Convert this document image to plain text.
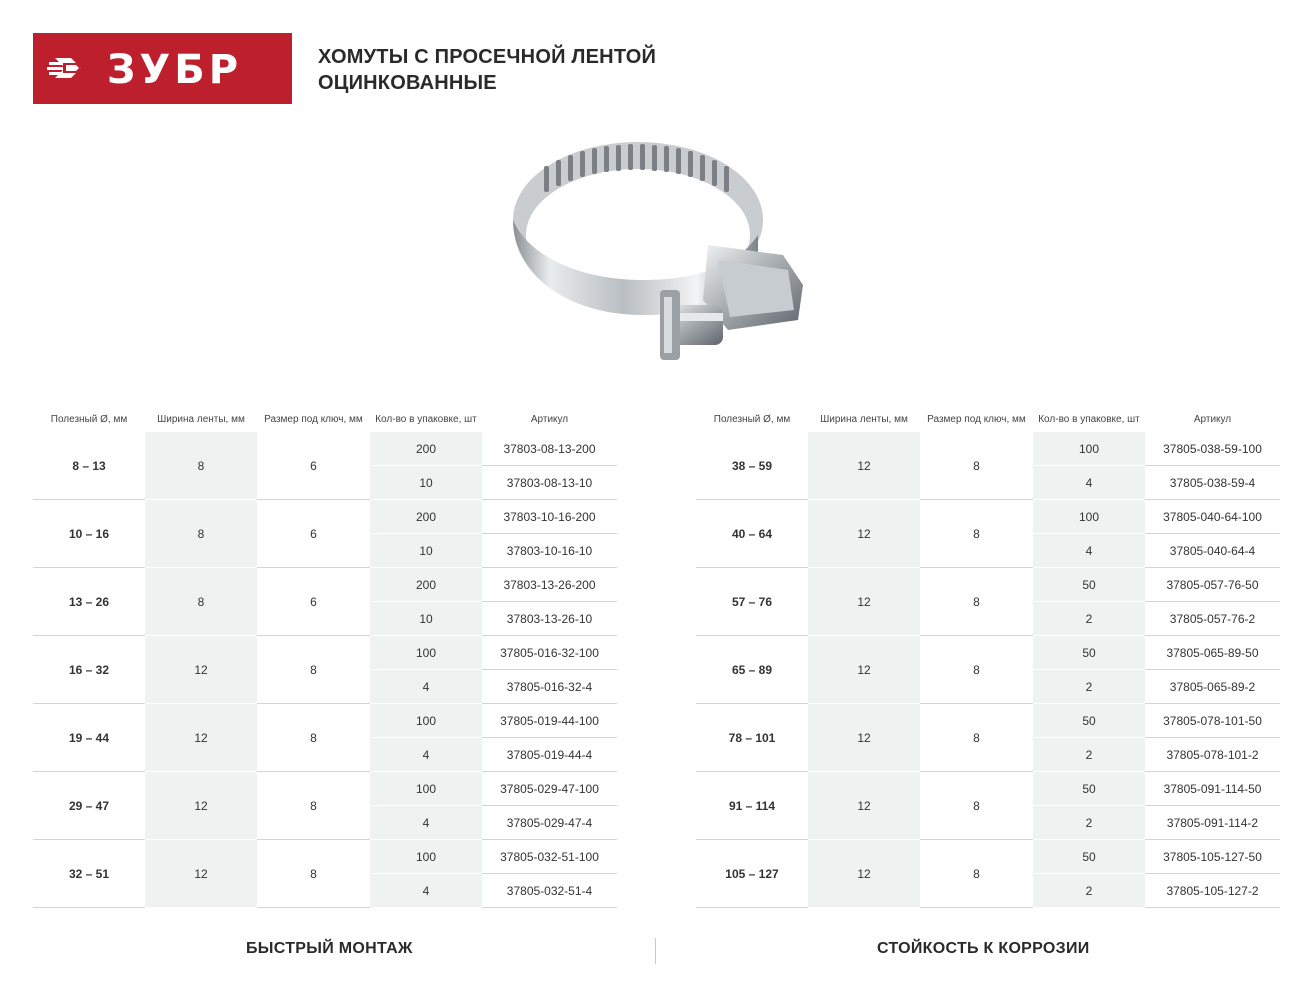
ЗУБР	ХОМУТЫ С ПРОСЕЧНОЙ ЛЕНТОЙ
ОЦИНКОВАННЫЕ
Полезный Ø, мм	Ширина ленты, мм	Размер под ключ, мм	Кол-во в упаковке, шт	Артикул
8 – 13	8	6	200	37803-08-13-200
			10	37803-08-13-10
10 – 16	8	6	200	37803-10-16-200
			10	37803-10-16-10
13 – 26	8	6	200	37803-13-26-200
			10	37803-13-26-10
16 – 32	12	8	100	37805-016-32-100
			4	37805-016-32-4
19 – 44	12	8	100	37805-019-44-100
			4	37805-019-44-4
29 – 47	12	8	100	37805-029-47-100
			4	37805-029-47-4
32 – 51	12	8	100	37805-032-51-100
			4	37805-032-51-4
Полезный Ø, мм	Ширина ленты, мм	Размер под ключ, мм	Кол-во в упаковке, шт	Артикул
38 – 59	12	8	100	37805-038-59-100
			4	37805-038-59-4
40 – 64	12	8	100	37805-040-64-100
			4	37805-040-64-4
57 – 76	12	8	50	37805-057-76-50
			2	37805-057-76-2
65 – 89	12	8	50	37805-065-89-50
			2	37805-065-89-2
78 – 101	12	8	50	37805-078-101-50
			2	37805-078-101-2
91 – 114	12	8	50	37805-091-114-50
			2	37805-091-114-2
105 – 127	12	8	50	37805-105-127-50
			2	37805-105-127-2
БЫСТРЫЙ МОНТАЖ	СТОЙКОСТЬ К КОРРОЗИИ
